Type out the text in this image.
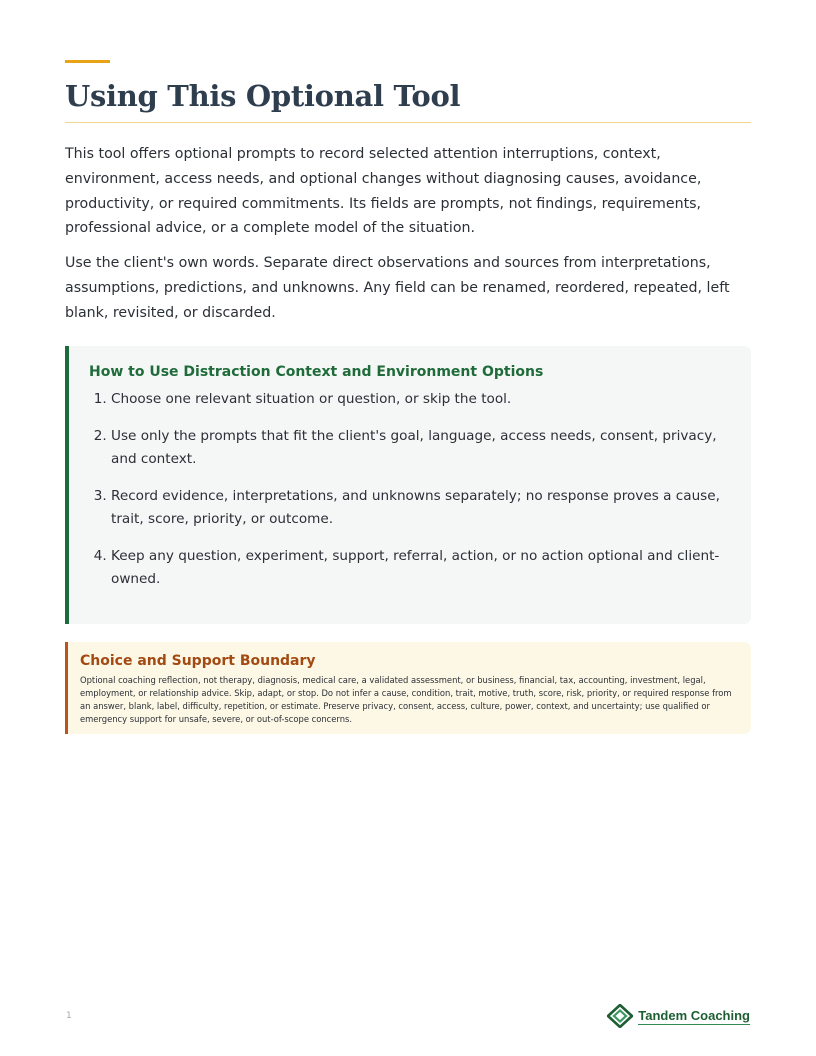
Using This Optional Tool

This tool offers optional prompts to record selected attention interruptions, context, environment, access needs, and optional changes without diagnosing causes, avoidance, productivity, or required commitments. Its fields are prompts, not findings, requirements, professional advice, or a complete model of the situation.

Use the client's own words. Separate direct observations and sources from interpretations, assumptions, predictions, and unknowns. Any field can be renamed, reordered, repeated, left blank, revisited, or discarded.

How to Use Distraction Context and Environment Options
1. Choose one relevant situation or question, or skip the tool.
2. Use only the prompts that fit the client's goal, language, access needs, consent, privacy, and context.
3. Record evidence, interpretations, and unknowns separately; no response proves a cause, trait, score, priority, or outcome.
4. Keep any question, experiment, support, referral, action, or no action optional and client-owned.
Choice and Support Boundary

Optional coaching reflection, not therapy, diagnosis, medical care, a validated assessment, or business, financial, tax, accounting, investment, legal, employment, or relationship advice. Skip, adapt, or stop. Do not infer a cause, condition, trait, motive, truth, score, risk, priority, or required response from an answer, blank, label, difficulty, repetition, or estimate. Preserve privacy, consent, access, culture, power, context, and uncertainty; use qualified or emergency support for unsafe, severe, or out-of-scope concerns.

1	Tandem Coaching
